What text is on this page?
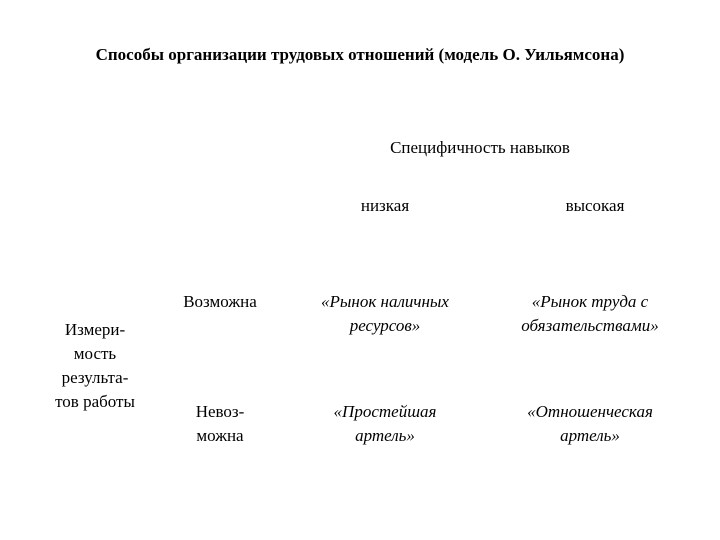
Способы организации трудовых отношений (модель О. Уильямсона)
Специфичность навыков
низкая	высокая
Измери-
мость
результа-
тов работы
Возможна
Невоз-
можна
«Рынок наличных
ресурсов»
«Рынок труда с
обязательствами»
«Простейшая
артель»
«Отношенческая
артель»
